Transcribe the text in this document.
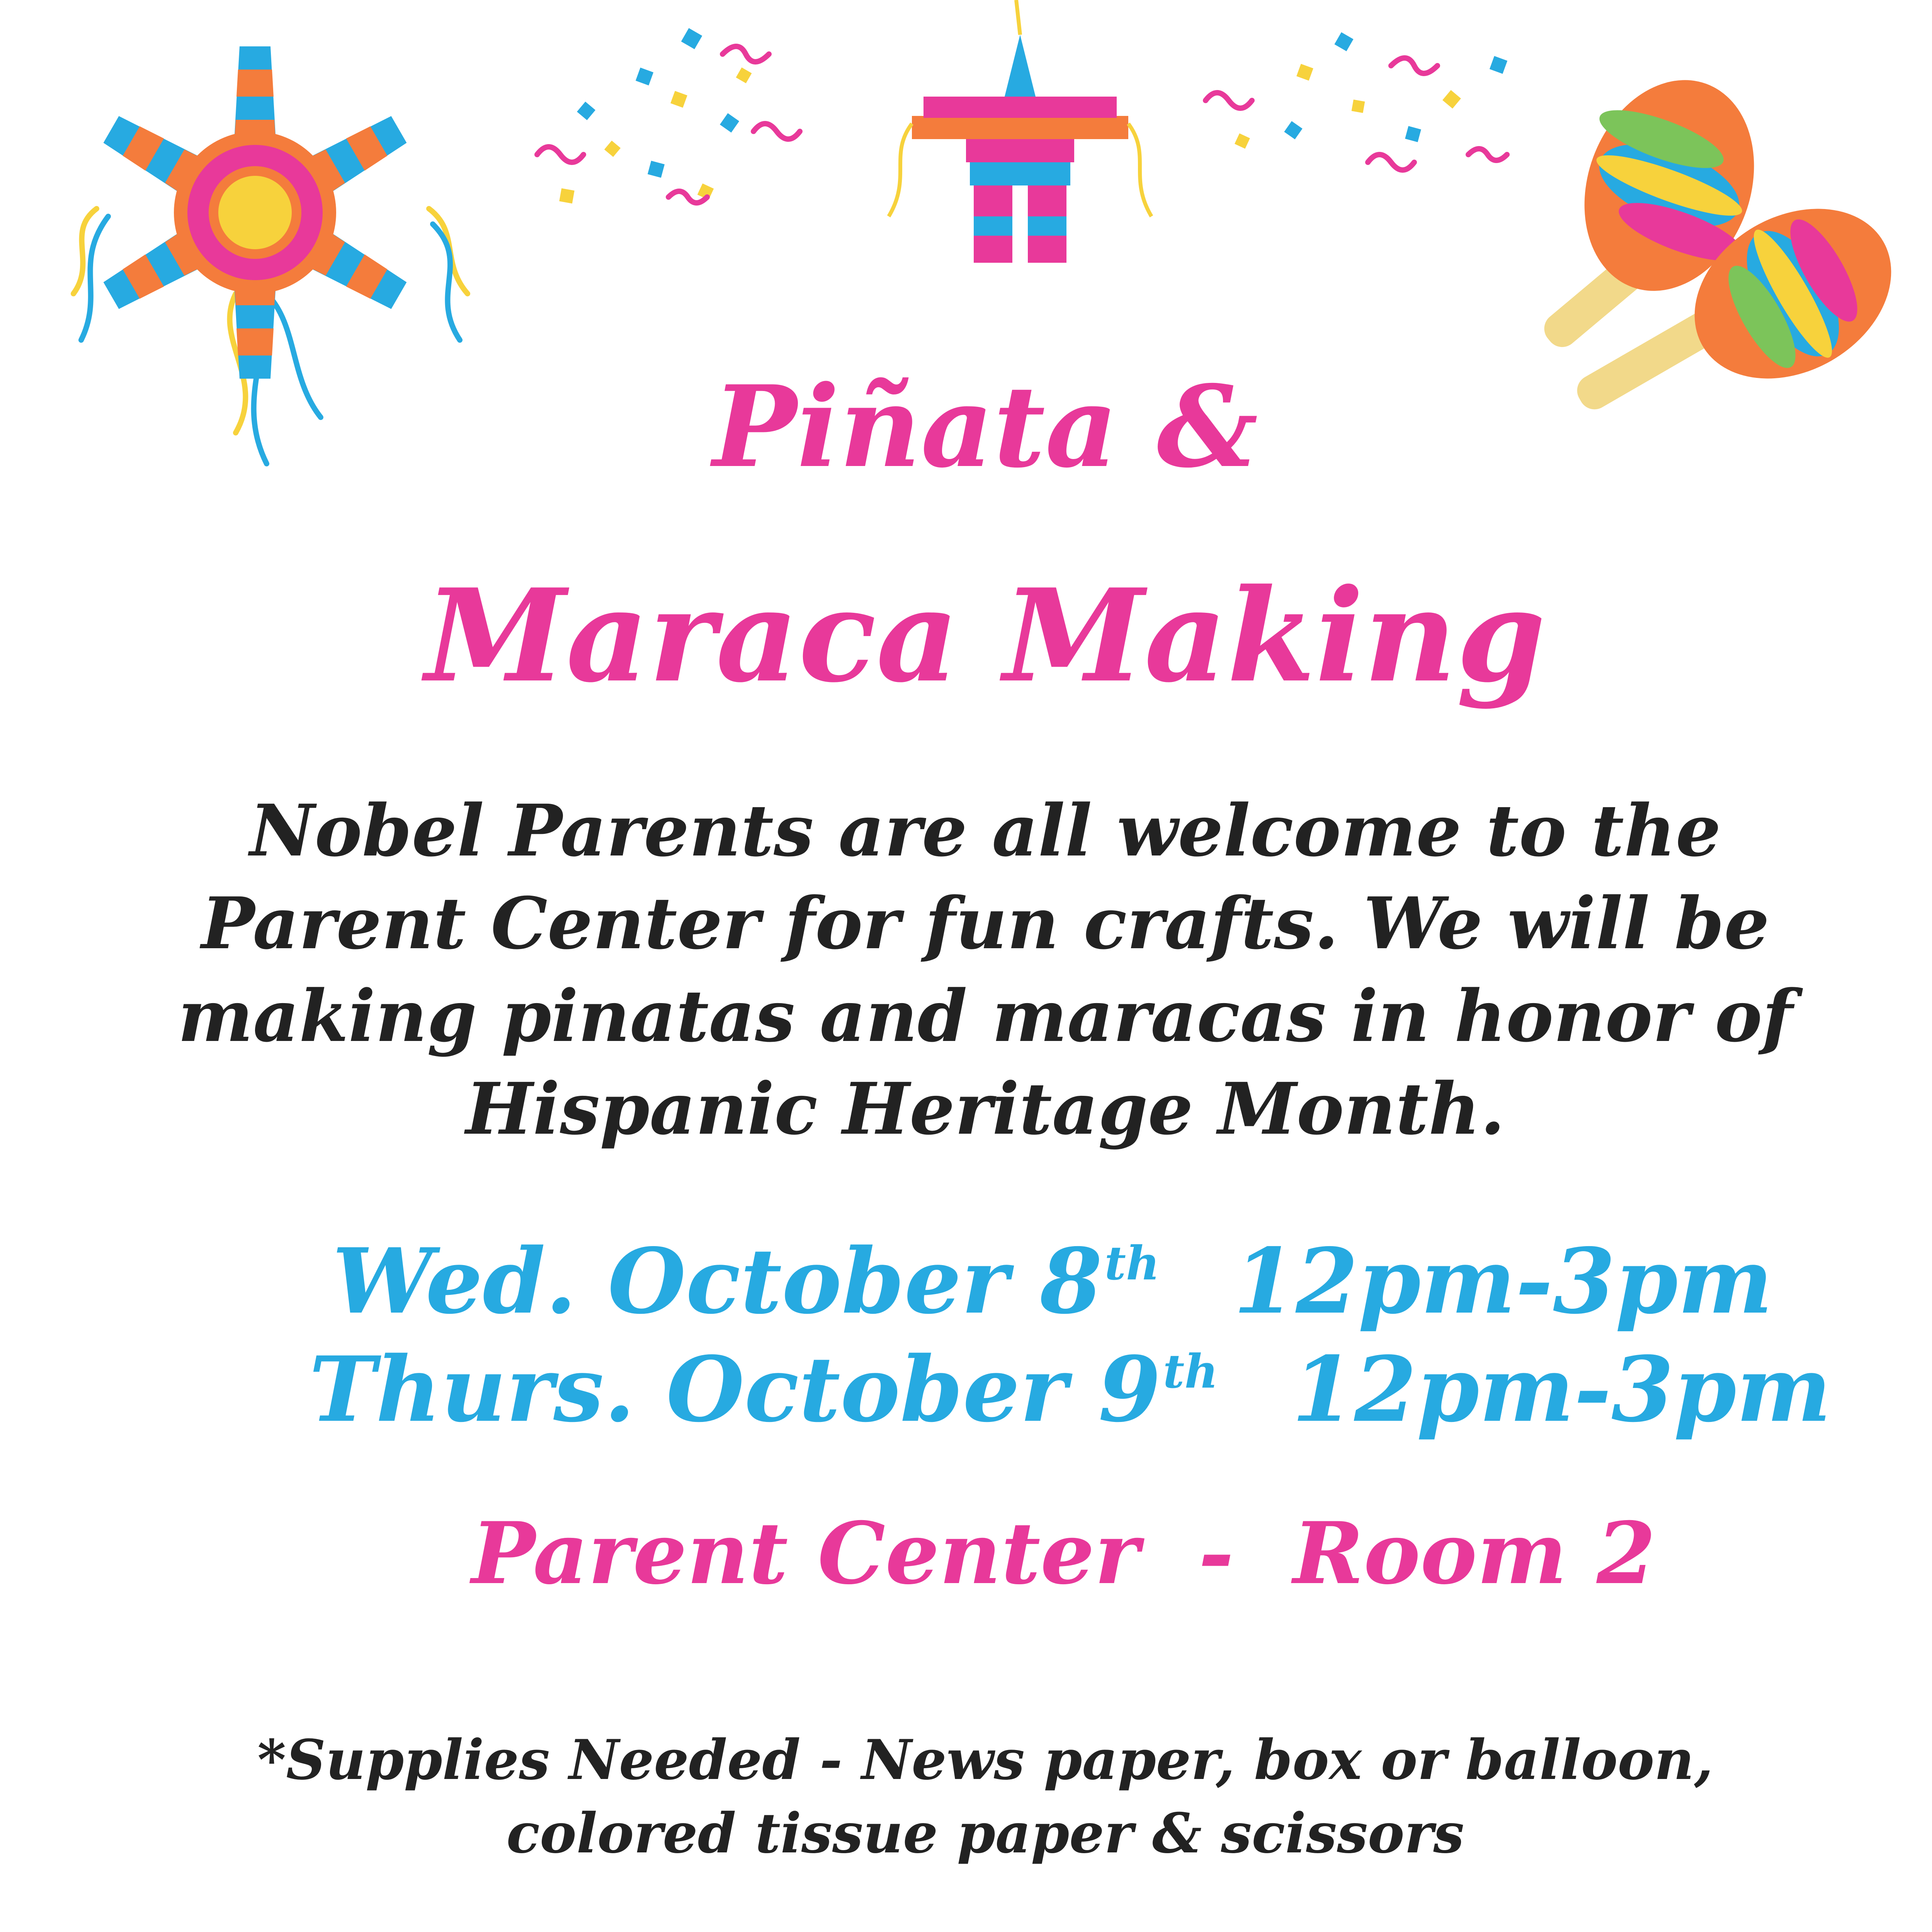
Piñata &
Maraca Making
Nobel Parents are all welcome to the
Parent Center for fun crafts. We will be
making pinatas and maracas in honor of
Hispanic Heritage Month.
Wed. October 8th 12pm-3pm
Thurs. October 9th 12pm-3pm
Parent Center  -  Room 2
*Supplies Needed - News paper, box or balloon,
colored tissue paper & scissors
